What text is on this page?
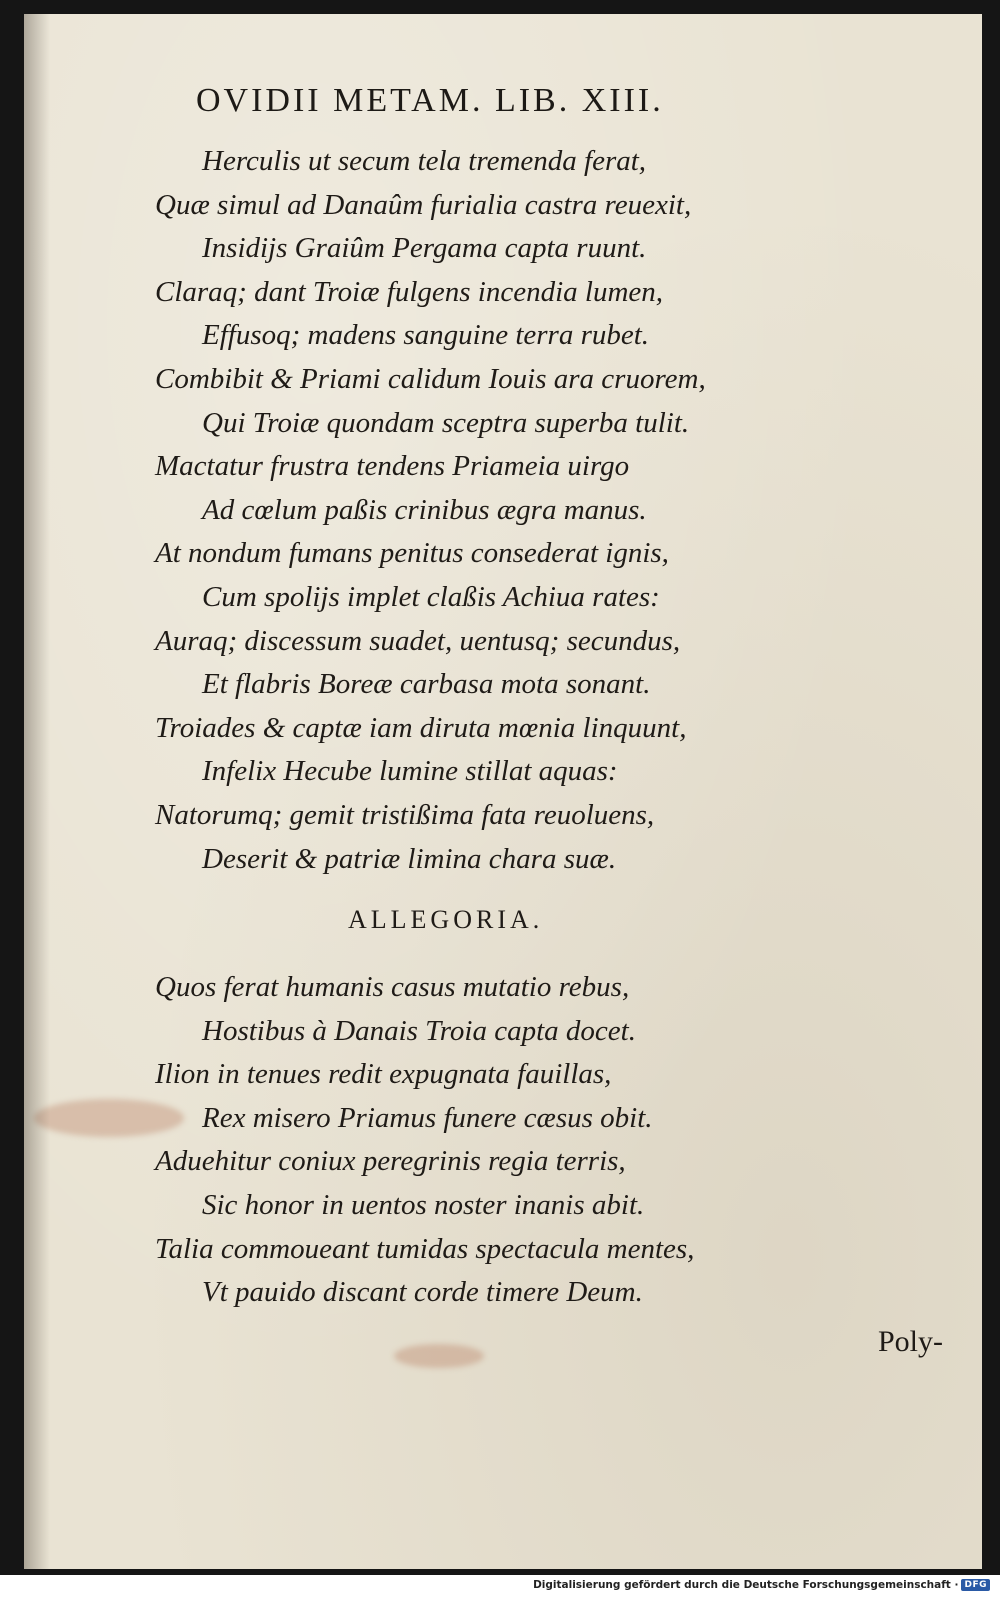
OVIDII METAM. LIB. XIII.
Herculis ut secum tela tremenda ferat,
Quæ simul ad Danaûm furialia castra reuexit,
Insidijs Graiûm Pergama capta ruunt.
Claraq; dant Troiæ fulgens incendia lumen,
Effusoq; madens sanguine terra rubet.
Combibit & Priami calidum Iouis ara cruorem,
Qui Troiæ quondam sceptra superba tulit.
Mactatur frustra tendens Priameia uirgo
Ad cœlum paßis crinibus ægra manus.
At nondum fumans penitus consederat ignis,
Cum spolijs implet claßis Achiua rates:
Auraq; discessum suadet, uentusq; secundus,
Et flabris Boreæ carbasa mota sonant.
Troiades & captæ iam diruta mœnia linquunt,
Infelix Hecube lumine stillat aquas:
Natorumq; gemit tristißima fata reuoluens,
Deserit & patriæ limina chara suæ.
ALLEGORIA.
Quos ferat humanis casus mutatio rebus,
Hostibus à Danais Troia capta docet.
Ilion in tenues redit expugnata fauillas,
Rex misero Priamus funere cæsus obit.
Aduehitur coniux peregrinis regia terris,
Sic honor in uentos noster inanis abit.
Talia commoueant tumidas spectacula mentes,
Vt pauido discant corde timere Deum.
Poly-
Digitalisierung gefördert durch die Deutsche Forschungsgemeinschaft · DFG
